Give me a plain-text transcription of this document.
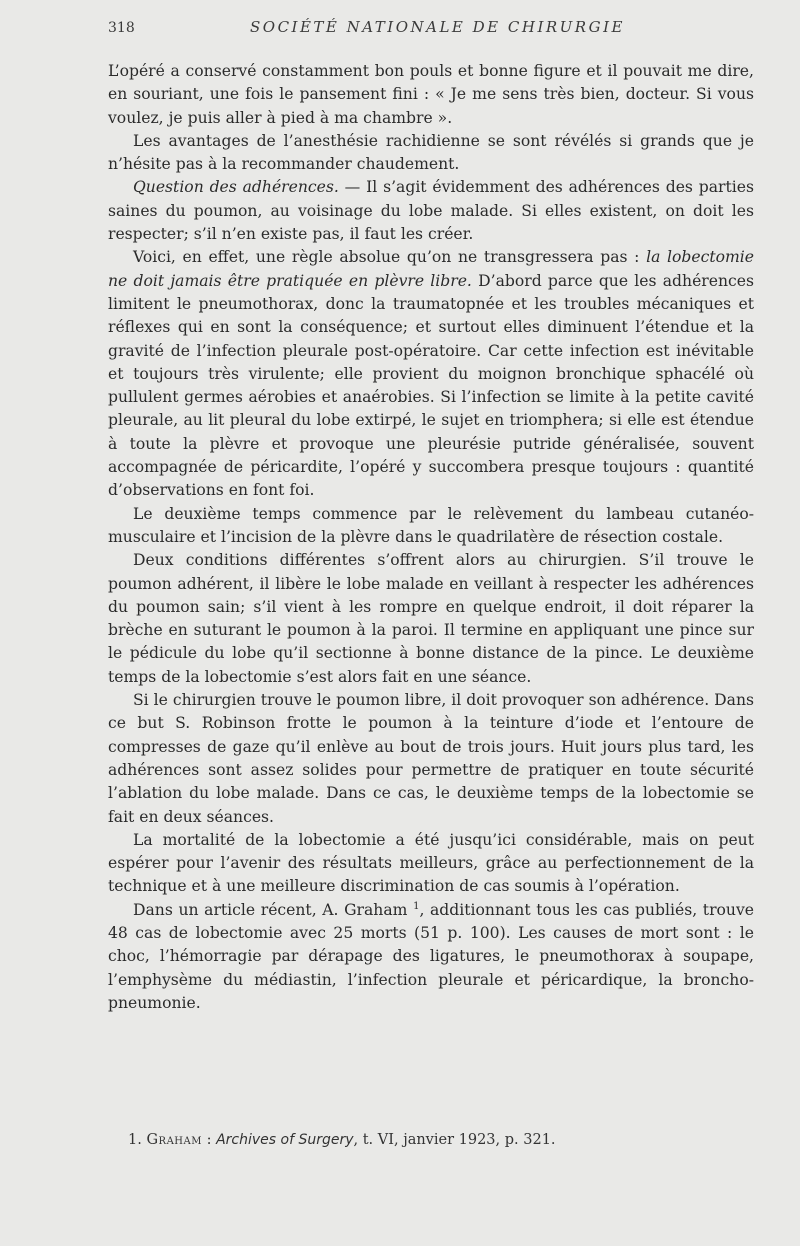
318	SOCIÉTÉ NATIONALE DE CHIRURGIE

L’opéré a conservé constamment bon pouls et bonne figure et il pouvait me dire, en souriant, une fois le pansement fini : « Je me sens très bien, docteur. Si vous voulez, je puis aller à pied à ma chambre ».

Les avantages de l’anesthésie rachidienne se sont révélés si grands que je n’hésite pas à la recommander chaudement.

Question des adhérences. — Il s’agit évidemment des adhérences des parties saines du poumon, au voisinage du lobe malade. Si elles existent, on doit les respecter; s’il n’en existe pas, il faut les créer.

Voici, en effet, une règle absolue qu’on ne transgressera pas : la lobectomie ne doit jamais être pratiquée en plèvre libre. D’abord parce que les adhérences limitent le pneumothorax, donc la traumatopnée et les troubles mécaniques et réflexes qui en sont la conséquence; et surtout elles diminuent l’étendue et la gravité de l’infection pleurale post-opératoire. Car cette infection est inévitable et toujours très virulente; elle provient du moignon bronchique sphacélé où pullulent germes aérobies et anaérobies. Si l’infection se limite à la petite cavité pleurale, au lit pleural du lobe extirpé, le sujet en triomphera; si elle est étendue à toute la plèvre et provoque une pleurésie putride généralisée, souvent accompagnée de péricardite, l’opéré y succombera presque toujours : quantité d’observations en font foi.

Le deuxième temps commence par le relèvement du lambeau cutanéo-musculaire et l’incision de la plèvre dans le quadrilatère de résection costale.

Deux conditions différentes s’offrent alors au chirurgien. S’il trouve le poumon adhérent, il libère le lobe malade en veillant à respecter les adhérences du poumon sain; s’il vient à les rompre en quelque endroit, il doit réparer la brèche en suturant le poumon à la paroi. Il termine en appliquant une pince sur le pédicule du lobe qu’il sectionne à bonne distance de la pince. Le deuxième temps de la lobectomie s’est alors fait en une séance.

Si le chirurgien trouve le poumon libre, il doit provoquer son adhérence. Dans ce but S. Robinson frotte le poumon à la teinture d’iode et l’entoure de compresses de gaze qu’il enlève au bout de trois jours. Huit jours plus tard, les adhérences sont assez solides pour permettre de pratiquer en toute sécurité l’ablation du lobe malade. Dans ce cas, le deuxième temps de la lobectomie se fait en deux séances.

La mortalité de la lobectomie a été jusqu’ici considérable, mais on peut espérer pour l’avenir des résultats meilleurs, grâce au perfectionnement de la technique et à une meilleure discrimination de cas soumis à l’opération.

Dans un article récent, A. Graham $^1$, additionnant tous les cas publiés, trouve 48 cas de lobectomie avec 25 morts (51 p. 100). Les causes de mort sont : le choc, l’hémorragie par dérapage des ligatures, le pneumothorax à soupape, l’emphysème du médiastin, l’infection pleurale et péricardique, la broncho-pneumonie.

1. Graham : Archives of Surgery, t. VI, janvier 1923, p. 321.
